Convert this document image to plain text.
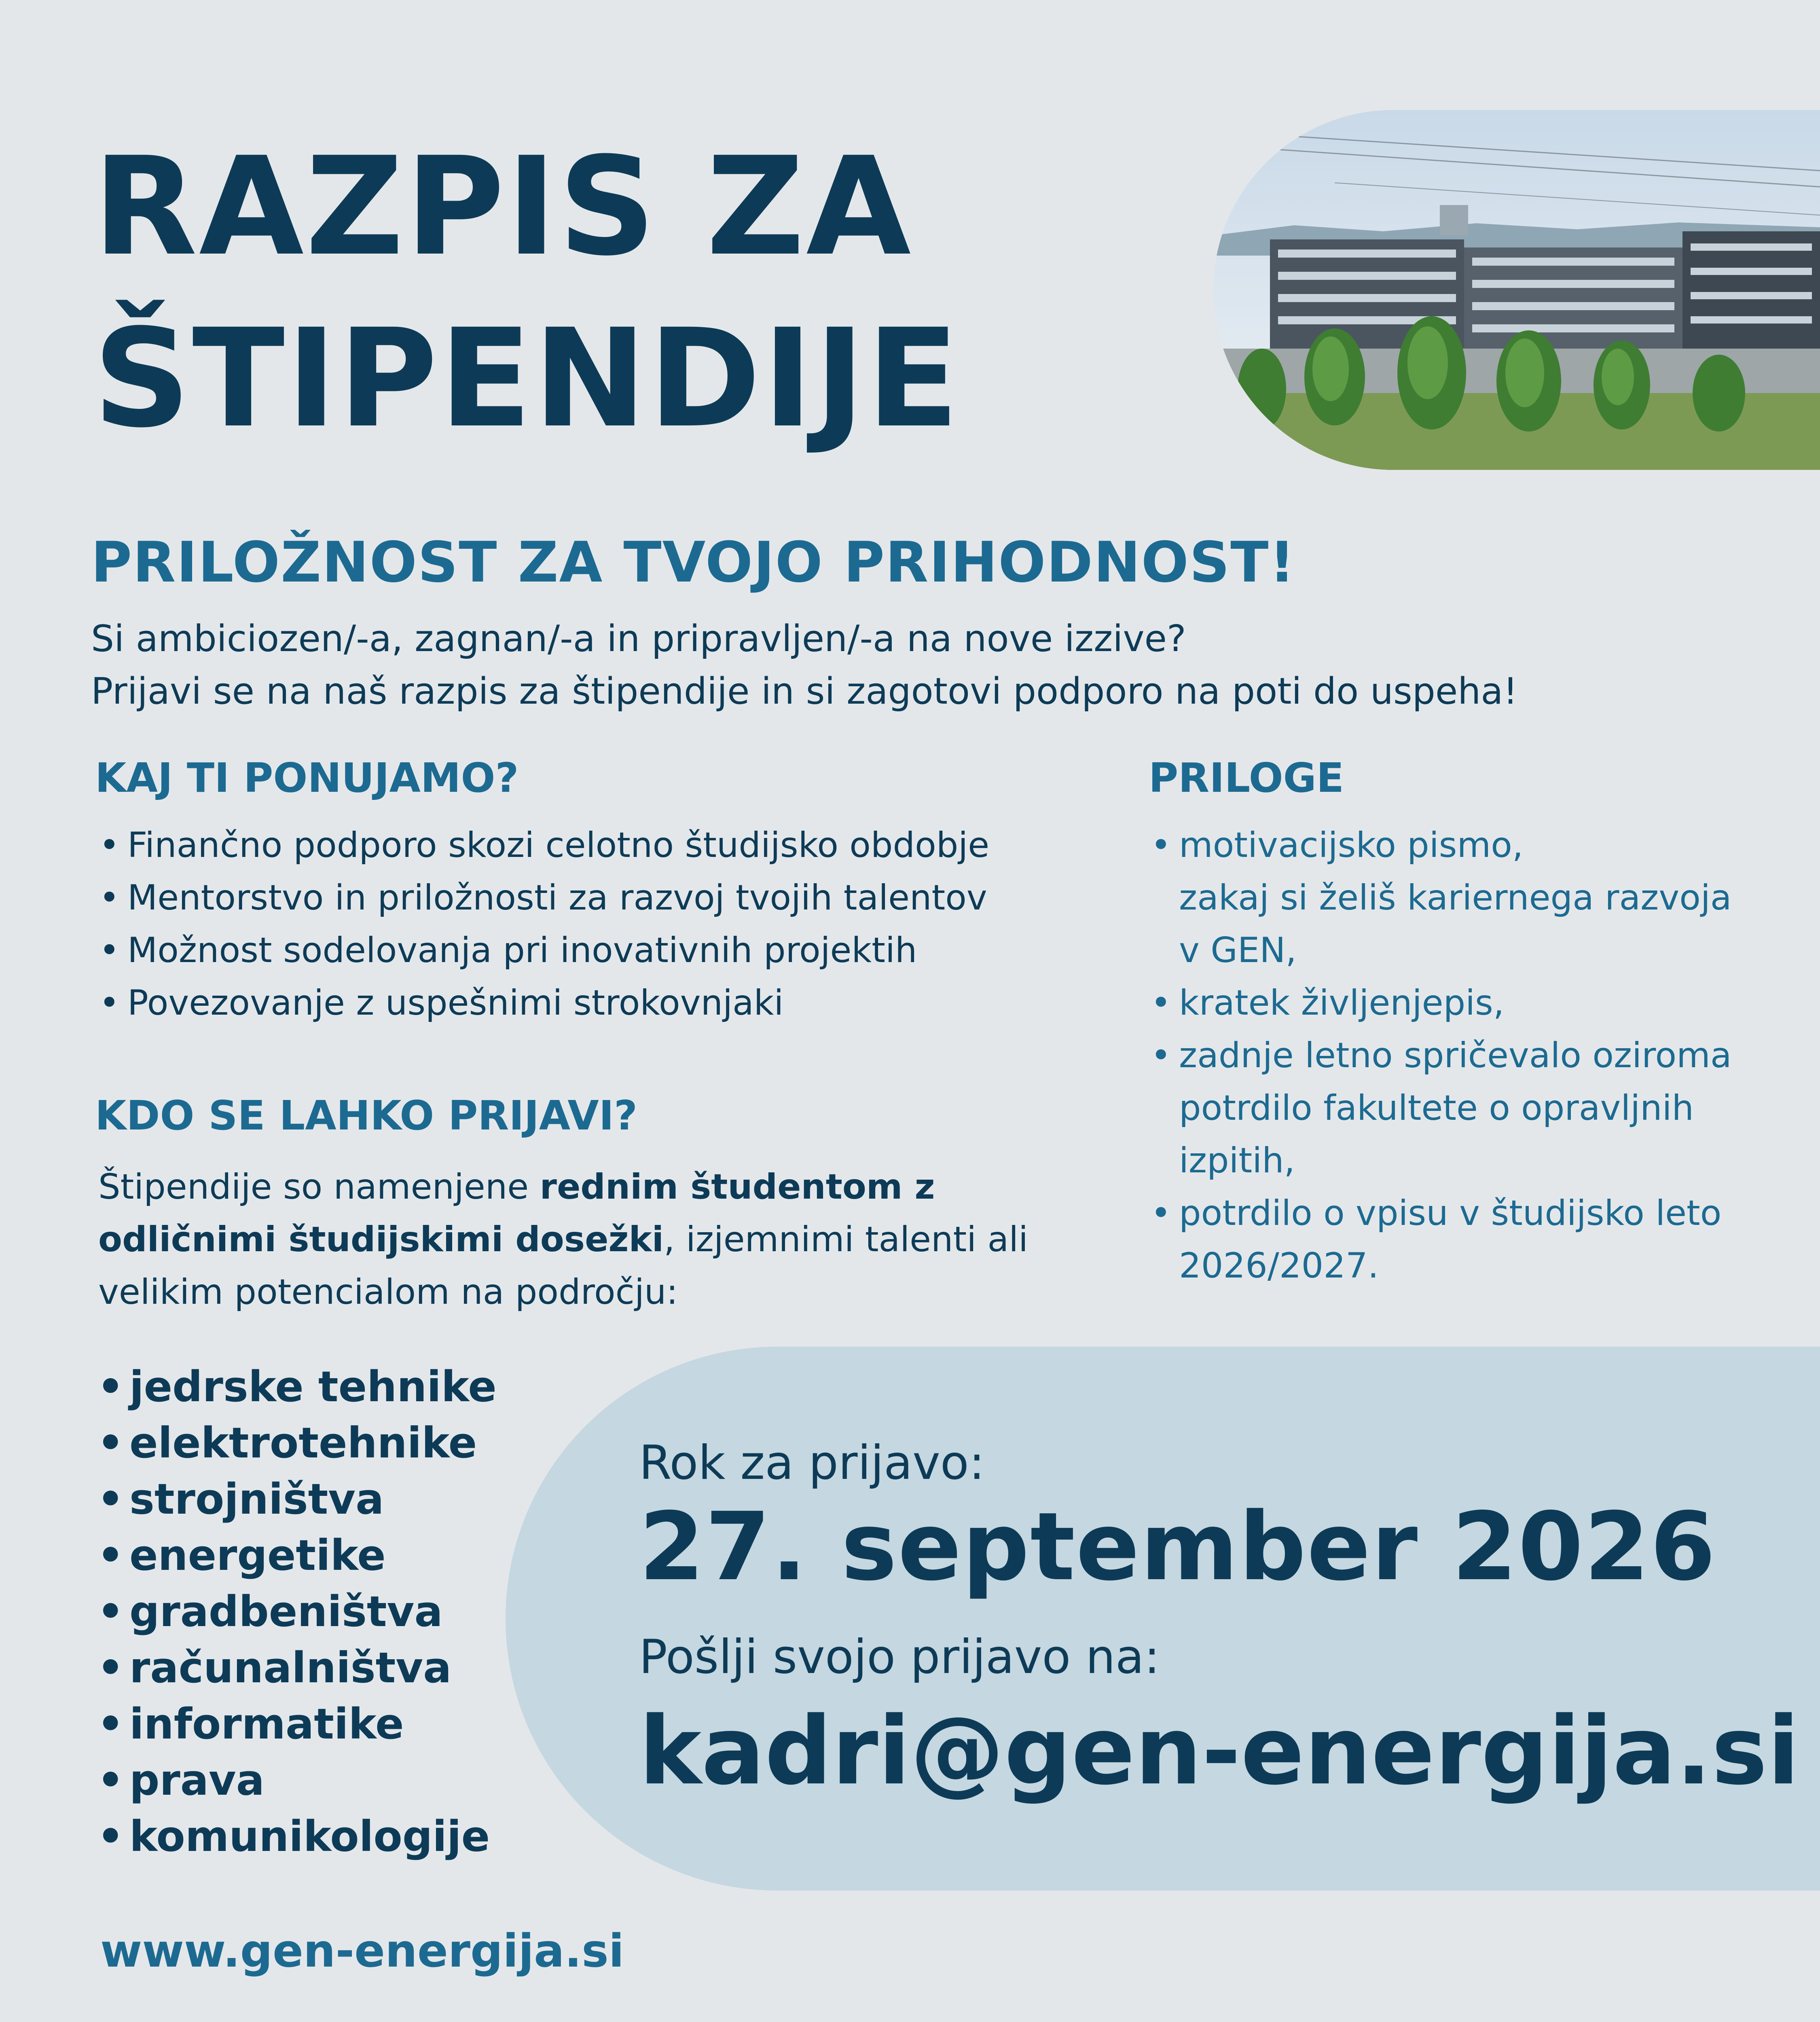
RAZPIS ZA
ŠTIPENDIJE
PRILOŽNOST ZA TVOJO PRIHODNOST!
Si ambiciozen/-a, zagnan/-a in pripravljen/-a na nove izzive?
Prijavi se na naš razpis za štipendije in si zagotovi podporo na poti do uspeha!
KAJ TI PONUJAMO?
• Finančno podporo skozi celotno študijsko obdobje
• Mentorstvo in priložnosti za razvoj tvojih talentov
• Možnost sodelovanja pri inovativnih projektih
• Povezovanje z uspešnimi strokovnjaki
PRILOGE
• motivacijsko pismo,
zakaj si želiš kariernega razvoja
v GEN,
• kratek življenjepis,
• zadnje letno spričevalo oziroma
potrdilo fakultete o opravljnih
izpitih,
• potrdilo o vpisu v študijsko leto
2026/2027.
KDO SE LAHKO PRIJAVI?
Štipendije so namenjene rednim študentom z
odličnimi študijskimi dosežki, izjemnimi talenti ali
velikim potencialom na področju:
• jedrske tehnike
• elektrotehnike
• strojništva
• energetike
• gradbeništva
• računalništva
• informatike
• prava
• komunikologije
Rok za prijavo:
27. september 2026
Pošlji svojo prijavo na:
kadri@gen-energija.si
www.gen-energija.si
